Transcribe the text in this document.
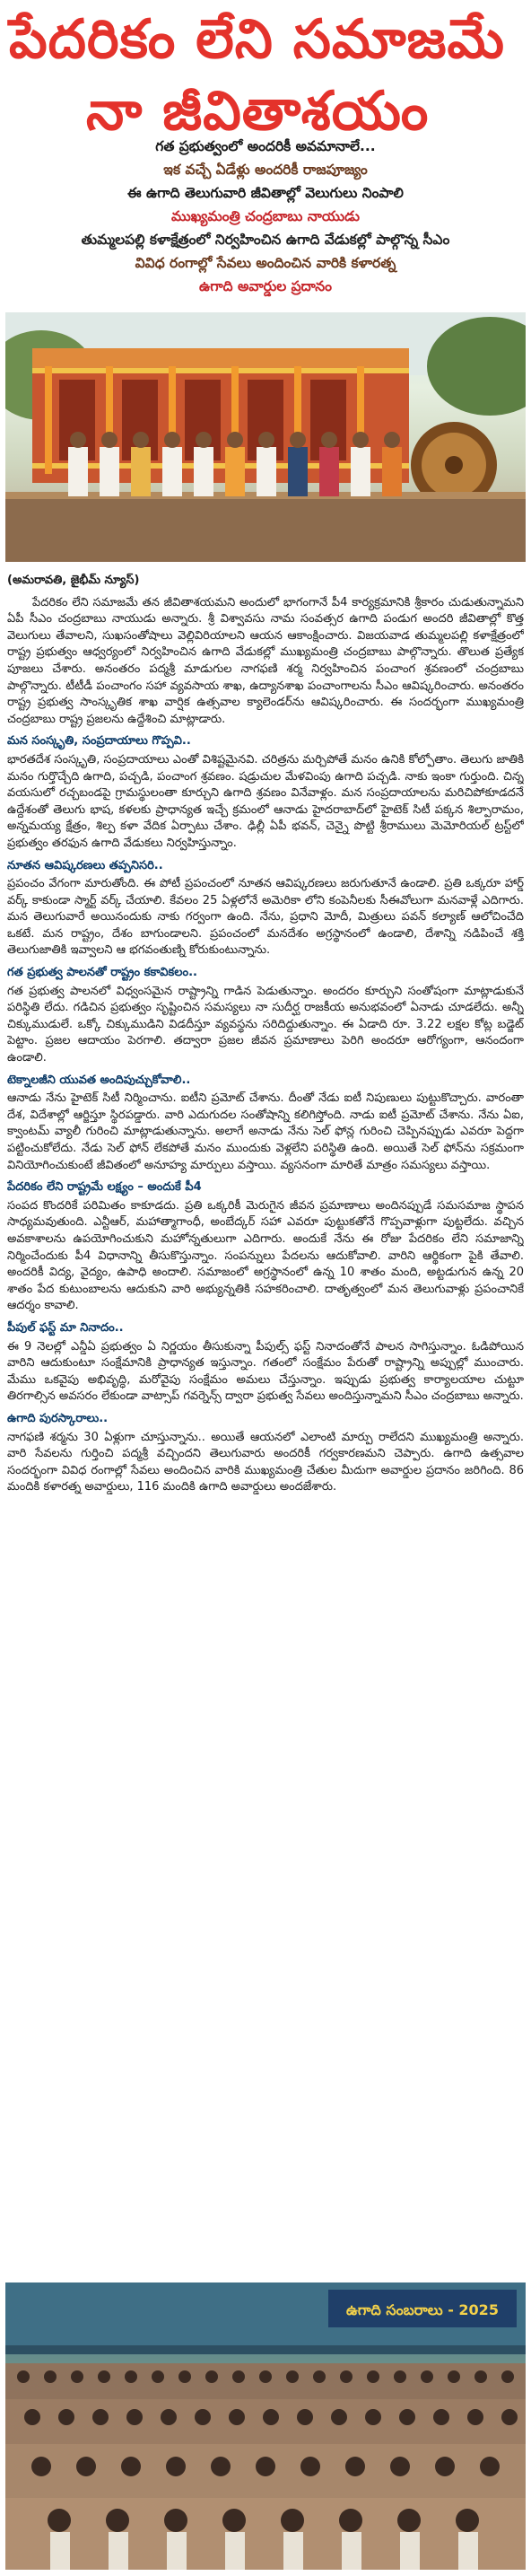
పేదరికం లేని సమాజమే
నా జీవితాశయం
గత ప్రభుత్వంలో అందరికీ అవమానాలే...
ఇక వచ్చే ఏడేళ్లు అందరికీ రాజపూజ్యం
ఈ ఉగాది తెలుగువారి జీవితాల్లో వెలుగులు నింపాలి
ముఖ్యమంత్రి చంద్రబాబు నాయుడు
తుమ్మలపల్లి కళాక్షేత్రంలో నిర్వహించిన ఉగాది వేడుకల్లో పాల్గొన్న సీఎం
వివిధ రంగాల్లో సేవలు అందించిన వారికి కళారత్న
ఉగాది అవార్డుల ప్రదానం

(అమరావతి, జైభీమ్ న్యూస్)

పేదరికం లేని సమాజమే తన జీవితాశయమని అందులో భాగంగానే పీ4 కార్యక్రమానికి శ్రీకారం చుడుతున్నామని ఏపీ సీఎం చంద్రబాబు నాయుడు అన్నారు. శ్రీ విశ్వావసు నామ సంవత్సర ఉగాది పండుగ అందరి జీవితాల్లో కొత్త వెలుగులు తేవాలని, సుఖసంతోషాలు వెల్లివిరియాలని ఆయన ఆకాంక్షించారు. విజయవాడ తుమ్మలపల్లి కళాక్షేత్రంలో రాష్ట్ర ప్రభుత్వం ఆధ్వర్యంలో నిర్వహించిన ఉగాది వేడుకల్లో ముఖ్యమంత్రి చంద్రబాబు పాల్గొన్నారు. తొలుత ప్రత్యేక పూజలు చేశారు. అనంతరం పద్మశ్రీ మాడుగుల నాగఫణి శర్మ నిర్వహించిన పంచాంగ శ్రవణంలో చంద్రబాబు పాల్గొన్నారు. టీటీడీ పంచాంగం సహా వ్యవసాయ శాఖ, ఉద్యానశాఖ పంచాంగాలను సీఎం ఆవిష్కరించారు. అనంతరం రాష్ట్ర ప్రభుత్వ సాంస్కృతిక శాఖ వార్షిక ఉత్సవాల క్యాలెండర్‌ను ఆవిష్కరించారు. ఈ సందర్భంగా ముఖ్యమంత్రి చంద్రబాబు రాష్ట్ర ప్రజలను ఉద్దేశించి మాట్లాడారు.

మన సంస్కృతి, సంప్రదాయాలు గొప్పవి..

భారతదేశ సంస్కృతి, సంప్రదాయాలు ఎంతో విశిష్టమైనవి. చరిత్రను మర్చిపోతే మనం ఉనికి కోల్పోతాం. తెలుగు జాతికి మనం గుర్తొచ్చేది ఉగాది, పచ్చడి, పంచాంగ శ్రవణం. షడ్రుచుల మేళవింపు ఉగాది పచ్చడి. నాకు ఇంకా గుర్తుంది. చిన్న వయసులో రచ్చబండపై గ్రామస్థులంతా కూర్చుని ఉగాది శ్రవణం వినేవాళ్లం. మన సంప్రదాయాలను మరిచిపోకూడదనే ఉద్దేశంతో తెలుగు భాష, కళలకు ప్రాధాన్యత ఇచ్చే క్రమంలో ఆనాడు హైదరాబాద్‌లో హైటెక్ సిటీ పక్కన శిల్పారామం, అన్నమయ్య క్షేత్రం, శిల్ప కళా వేదిక ఏర్పాటు చేశాం. ఢిల్లీ ఏపీ భవన్, చెన్నై పొట్టి శ్రీరాములు మెమోరియల్ ట్రస్ట్‌లో ప్రభుత్వం తరఫున ఉగాది వేడుకలు నిర్వహిస్తున్నాం.

నూతన ఆవిష్కరణలు తప్పనిసరి..

ప్రపంచం వేగంగా మారుతోంది. ఈ పోటీ ప్రపంచంలో నూతన ఆవిష్కరణలు జరుగుతూనే ఉండాలి. ప్రతి ఒక్కరూ హార్డ్ వర్క్ కాకుండా స్మార్ట్ వర్క్ చేయాలి. కేవలం 25 ఏళ్లలోనే అమెరికా లోని కంపెనీలకు సీఈవోలుగా మనవాళ్లే ఎదిగారు. మన తెలుగువారే అయినందుకు నాకు గర్వంగా ఉంది. నేను, ప్రధాని మోదీ, మిత్రులు పవన్ కల్యాణ్ ఆలోచించేది ఒకటే. మన రాష్ట్రం, దేశం బాగుండాలని. ప్రపంచంలో మనదేశం అగ్రస్థానంలో ఉండాలి, దేశాన్ని నడిపించే శక్తి తెలుగుజాతికి ఇవ్వాలని ఆ భగవంతుణ్ని కోరుకుంటున్నాను.

గత ప్రభుత్వ పాలనతో రాష్ట్రం కకావికలం..

గత ప్రభుత్వ పాలనలో విధ్వంసమైన రాష్ట్రాన్ని గాడిన పెడుతున్నాం. అందరం కూర్చుని సంతోషంగా మాట్లాడుకునే పరిస్థితి లేదు. గడిచిన ప్రభుత్వం సృష్టించిన సమస్యలు నా సుదీర్ఘ రాజకీయ అనుభవంలో ఏనాడు చూడలేదు. అన్నీ చిక్కుముడులే. ఒక్కో చిక్కుముడిని విడదీస్తూ వ్యవస్థను సరిదిద్దుతున్నాం. ఈ ఏడాది రూ. 3.22 లక్షల కోట్ల బడ్జెట్ పెట్టాం. ప్రజల ఆదాయం పెరగాలి. తద్వారా ప్రజల జీవన ప్రమాణాలు పెరిగి అందరూ ఆరోగ్యంగా, ఆనందంగా ఉండాలి.

టెక్నాలజీని యువత అందిపుచ్చుకోవాలి..

ఆనాడు నేను హైటెక్ సిటీ నిర్మించాను. ఐటీని ప్రమోట్ చేశాను. దీంతో నేడు ఐటీ నిపుణులు పుట్టుకొచ్చారు. వారంతా దేశ, విదేశాల్లో ఆర్జిస్తూ స్థిరపడ్డారు. వారి ఎదుగుదల సంతోషాన్ని కలిగిస్తోంది. నాడు ఐటీ ప్రమోట్ చేశాను. నేను ఏఐ, క్వాంటమ్ వ్యాలీ గురించి మాట్లాడుతున్నాను. అలాగే అనాడు నేను సెల్ ఫోన్ల గురించి చెప్పినప్పుడు ఎవరూ పెద్దగా పట్టించుకోలేదు. నేడు సెల్ ఫోన్ లేకపోతే మనం ముందుకు వెళ్లలేని పరిస్థితి ఉంది. అయితే సెల్ ఫోన్‌ను సక్రమంగా వినియోగించుకుంటే జీవితంలో అనూహ్య మార్పులు వస్తాయి. వ్యసనంగా మారితే మాత్రం సమస్యలు వస్తాయి.

పేదరికం లేని రాష్ట్రమే లక్ష్యం – అందుకే పీ4

సంపద కొందరికే పరిమితం కాకూడదు. ప్రతి ఒక్కరికీ మెరుగైన జీవన ప్రమాణాలు అందినప్పుడే సమసమాజ స్థాపన సాధ్యమవుతుంది. ఎన్టీఆర్, మహాత్మాగాంధీ, అంబేద్కర్ సహా ఎవరూ పుట్టుకతోనే గొప్పవాళ్లుగా పుట్టలేదు. వచ్చిన అవకాశాలను ఉపయోగించుకుని మహోన్నతులుగా ఎదిగారు. అందుకే నేను ఈ రోజు పేదరికం లేని సమాజాన్ని నిర్మించేందుకు పీ4 విధానాన్ని తీసుకొస్తున్నాం. సంపన్నులు పేదలను ఆదుకోవాలి. వారిని ఆర్థికంగా పైకి తేవాలి. అందరికీ విద్య, వైద్యం, ఉపాధి అందాలి. సమాజంలో అగ్రస్థానంలో ఉన్న 10 శాతం మంది, అట్టడుగున ఉన్న 20 శాతం పేద కుటుంబాలను ఆదుకుని వారి అభ్యున్నతికి సహకరించాలి. దాతృత్వంలో మన తెలుగువాళ్లు ప్రపంచానికే ఆదర్శం కావాలి.

పీపుల్ ఫస్ట్ మా నినాదం..

ఈ 9 నెలల్లో ఎన్డీఏ ప్రభుత్వం ఏ నిర్ణయం తీసుకున్నా పీపుల్స్ ఫస్ట్ నినాదంతోనే పాలన సాగిస్తున్నాం. ఓడిపోయిన వారిని ఆదుకుంటూ సంక్షేమానికి ప్రాధాన్యత ఇస్తున్నాం. గతంలో సంక్షేమం పేరుతో రాష్ట్రాన్ని అప్పుల్లో ముంచారు. మేము ఒకవైపు అభివృద్ధి, మరోవైపు సంక్షేమం అమలు చేస్తున్నాం. ఇప్పుడు ప్రభుత్వ కార్యాలయాల చుట్టూ తిరగాల్సిన అవసరం లేకుండా వాట్సాప్ గవర్నెన్స్ ద్వారా ప్రభుత్వ సేవలు అందిస్తున్నామని సీఎం చంద్రబాబు అన్నారు.

ఉగాది పురస్కారాలు..

నాగఫణి శర్మను 30 ఏళ్లుగా చూస్తున్నాను.. అయితే ఆయనలో ఎలాంటి మార్పు రాలేదని ముఖ్యమంత్రి అన్నారు. వారి సేవలను గుర్తించి పద్మశ్రీ వచ్చిందని తెలుగువారు అందరికీ గర్వకారణమని చెప్పారు. ఉగాది ఉత్సవాల సందర్భంగా వివిధ రంగాల్లో సేవలు అందించిన వారికి ముఖ్యమంత్రి చేతుల మీదుగా అవార్డుల ప్రదానం జరిగింది. 86 మందికి కళారత్న అవార్డులు, 116 మందికి ఉగాది అవార్డులు అందజేశారు.

ఉగాది సంబరాలు - 2025
